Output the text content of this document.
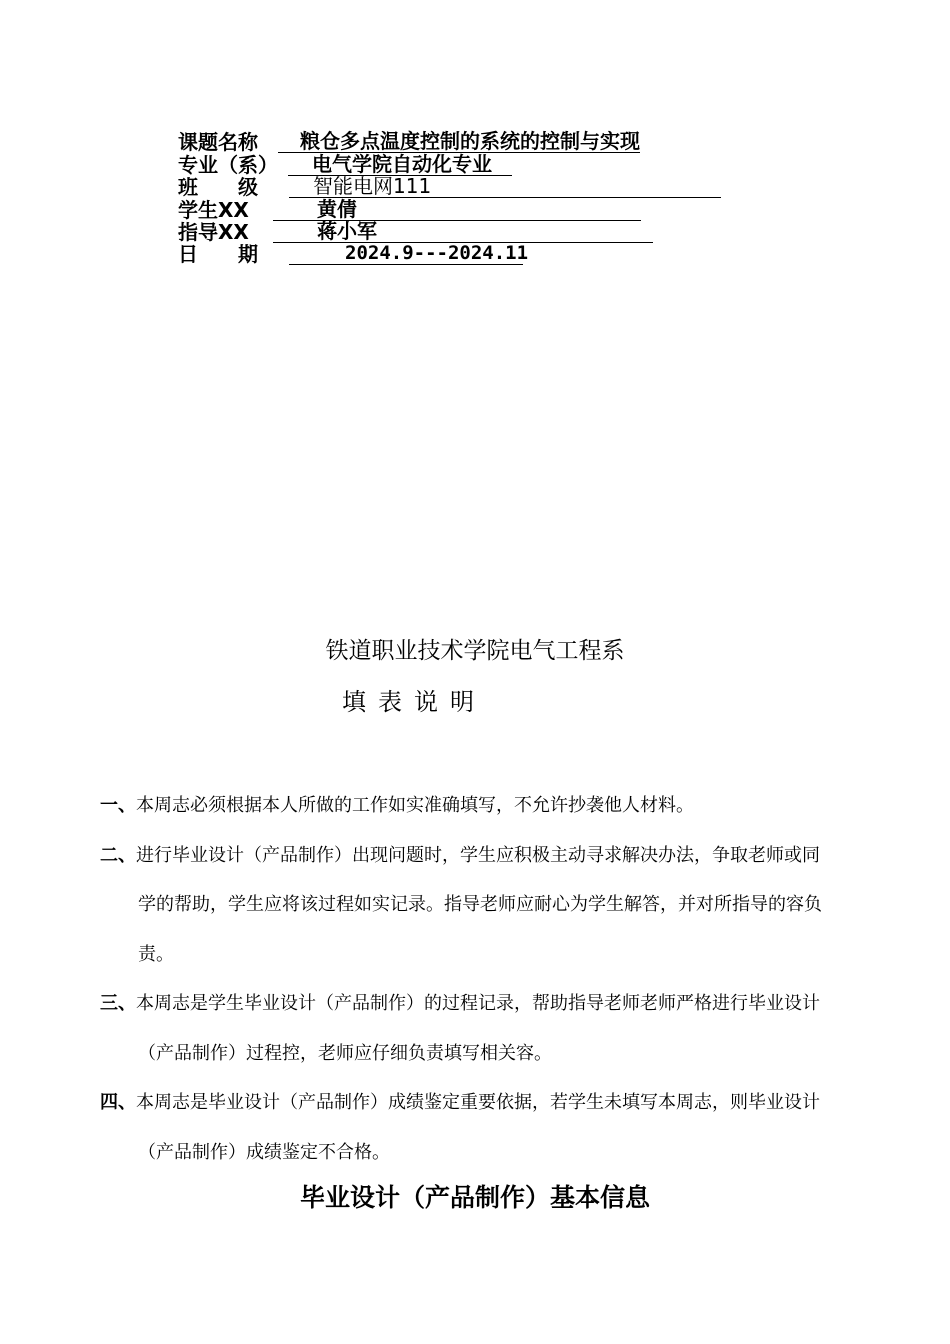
课题名称	粮仓多点温度控制的系统的控制与实现
专业（系）	电气学院自动化专业
班　　级	智能电网111
学生XX	黄倩
指导XX	蒋小军
日　　期	2024.9---2024.11
铁道职业技术学院电气工程系
填表说明
一、本周志必须根据本人所做的工作如实准确填写，不允许抄袭他人材料。
二、进行毕业设计（产品制作）出现问题时，学生应积极主动寻求解决办法，争取老师或同学的帮助，学生应将该过程如实记录。指导老师应耐心为学生解答，并对所指导的容负责。
三、本周志是学生毕业设计（产品制作）的过程记录，帮助指导老师老师严格进行毕业设计（产品制作）过程控，老师应仔细负责填写相关容。
四、本周志是毕业设计（产品制作）成绩鉴定重要依据，若学生未填写本周志，则毕业设计（产品制作）成绩鉴定不合格。
毕业设计（产品制作）基本信息
